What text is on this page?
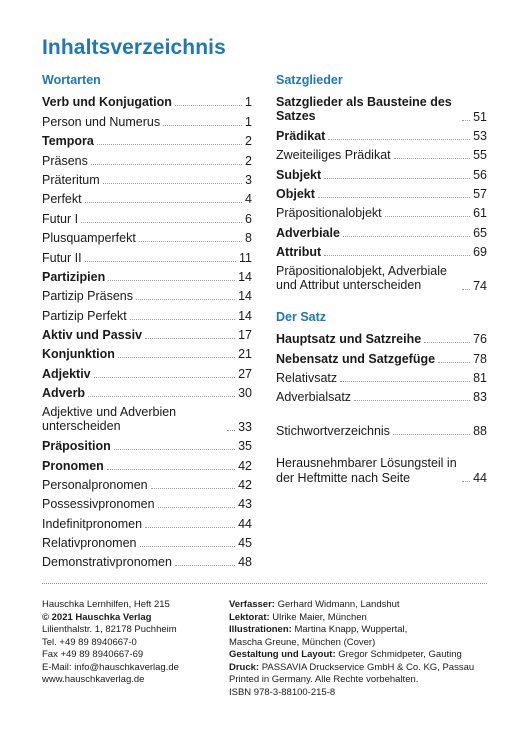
Inhaltsverzeichnis
Wortarten
Verb und Konjugation	1
Person und Numerus	1
Tempora	2
Präsens	2
Präteritum	3
Perfekt	4
Futur I	6
Plusquamperfekt	8
Futur II	11
Partizipien	14
Partizip Präsens	14
Partizip Perfekt	14
Aktiv und Passiv	17
Konjunktion	21
Adjektiv	27
Adverb	30
Adjektive und Adverbien unterscheiden	33
Präposition	35
Pronomen	42
Personalpronomen	42
Possessivpronomen	43
Indefinitpronomen	44
Relativpronomen	45
Demonstrativpronomen	48
Satzglieder
Satzglieder als Bausteine des Satzes	51
Prädikat	53
Zweiteiliges Prädikat	55
Subjekt	56
Objekt	57
Präpositionalobjekt	61
Adverbiale	65
Attribut	69
Präpositionalobjekt, Adverbiale und Attribut unterscheiden	74
Der Satz
Hauptsatz und Satzreihe	76
Nebensatz und Satzgefüge	78
Relativsatz	81
Adverbialsatz	83
Stichwortverzeichnis	88
Herausnehmbarer Lösungsteil in der Heftmitte nach Seite	44
Hauschka Lernhilfen, Heft 215
© 2021 Hauschka Verlag
Lilienthalstr. 1, 82178 Puchheim
Tel. +49 89 8940667-0
Fax +49 89 8940667-69
E-Mail: info@hauschkaverlag.de
www.hauschkaverlag.de
Verfasser: Gerhard Widmann, Landshut
Lektorat: Ulrike Maier, München
Illustrationen: Martina Knapp, Wuppertal,
Mascha Greune, München (Cover)
Gestaltung und Layout: Gregor Schmidpeter, Gauting
Druck: PASSAVIA Druckservice GmbH & Co. KG, Passau
Printed in Germany. Alle Rechte vorbehalten.
ISBN 978-3-88100-215-8
